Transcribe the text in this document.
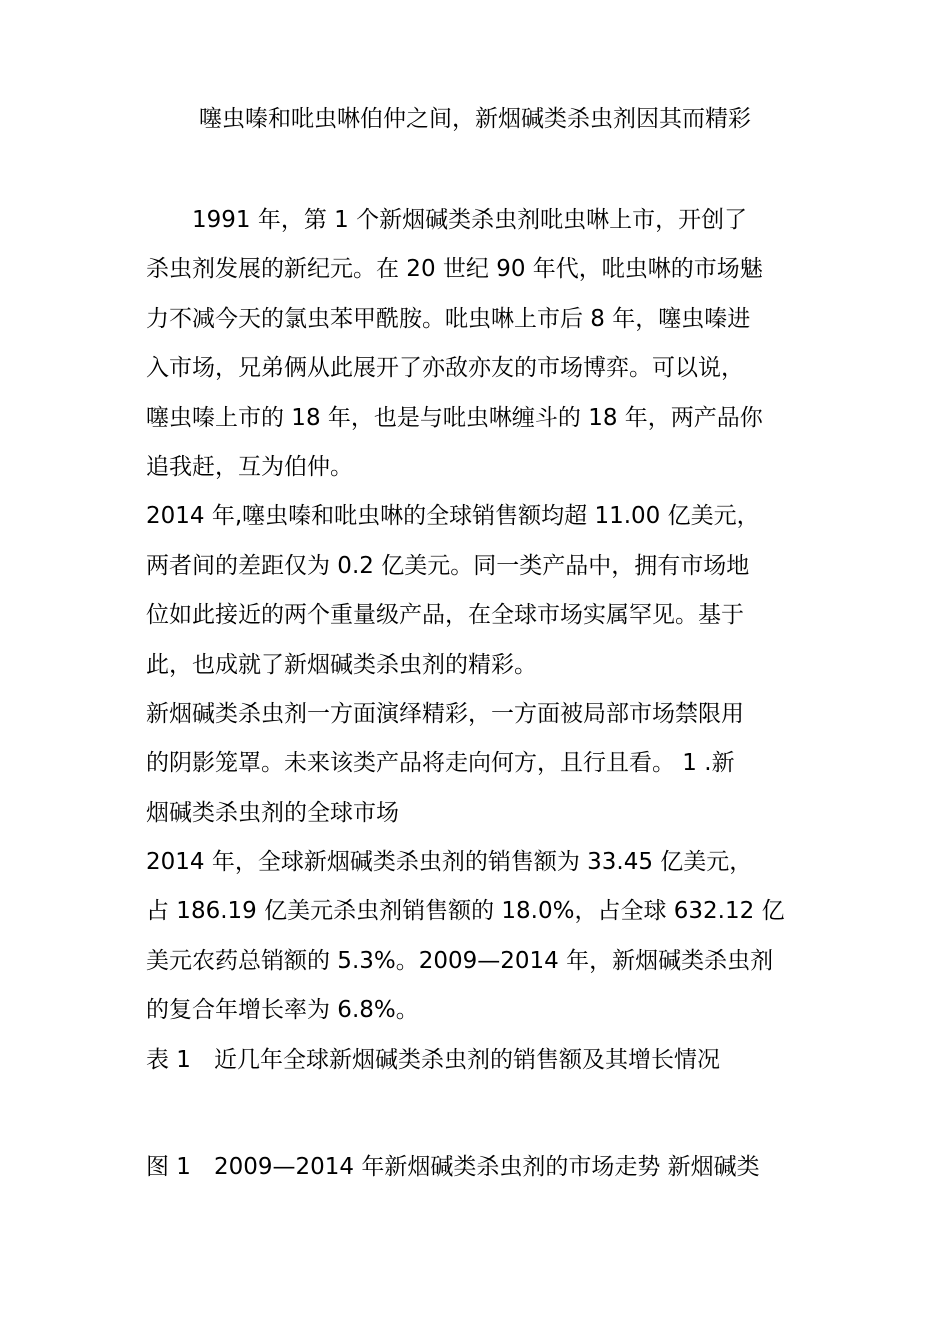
噻虫嗪和吡虫啉伯仲之间，新烟碱类杀虫剂因其而精彩
　　1991 年，第 1 个新烟碱类杀虫剂吡虫啉上市，开创了
杀虫剂发展的新纪元。在 20 世纪 90 年代，吡虫啉的市场魅
力不减今天的氯虫苯甲酰胺。吡虫啉上市后 8 年，噻虫嗪进
入市场，兄弟俩从此展开了亦敌亦友的市场博弈。可以说，
噻虫嗪上市的 18 年，也是与吡虫啉缠斗的 18 年，两产品你
追我赶，互为伯仲。
2014 年,噻虫嗪和吡虫啉的全球销售额均超 11.00 亿美元，
两者间的差距仅为 0.2 亿美元。同一类产品中，拥有市场地
位如此接近的两个重量级产品，在全球市场实属罕见。基于
此，也成就了新烟碱类杀虫剂的精彩。
新烟碱类杀虫剂一方面演绎精彩，一方面被局部市场禁限用
的阴影笼罩。未来该类产品将走向何方，且行且看。 1 .新
烟碱类杀虫剂的全球市场
2014 年，全球新烟碱类杀虫剂的销售额为 33.45 亿美元，
占 186.19 亿美元杀虫剂销售额的 18.0%，占全球 632.12 亿
美元农药总销额的 5.3%。2009—2014 年，新烟碱类杀虫剂
的复合年增长率为 6.8%。
表 1　近几年全球新烟碱类杀虫剂的销售额及其增长情况
图 1　2009—2014 年新烟碱类杀虫剂的市场走势 新烟碱类
